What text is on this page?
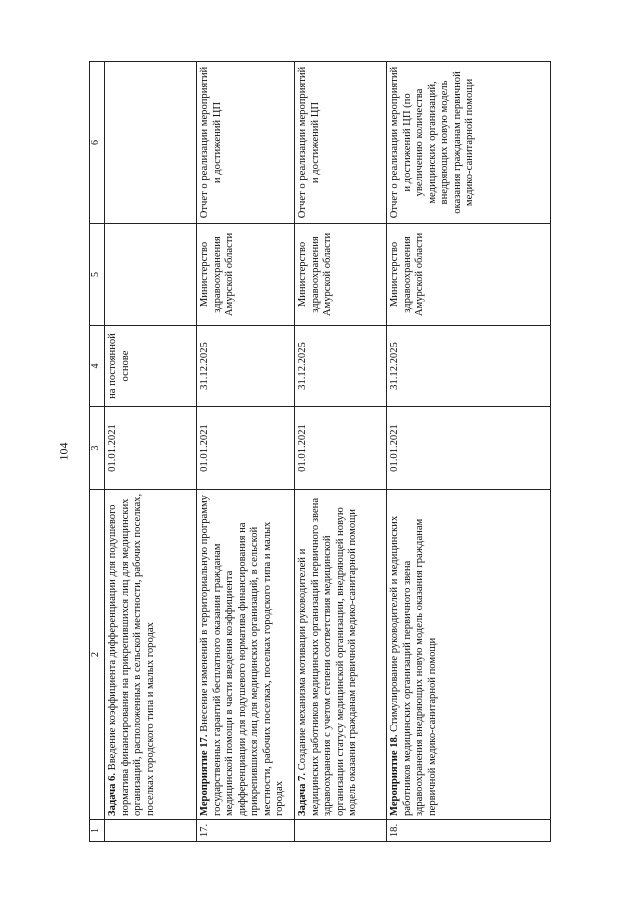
104
1	2	3	4	5	6
	Задача 6. Введение коэффициента дифференциации для подушевого норматива финансирования на прикрепившихся лиц для медицинских организаций, расположенных в сельской местности, рабочих поселках, поселках городского типа и малых городах	01.01.2021	на постоянной основе		
17.	Мероприятие 17. Внесение изменений в территориальную программу государственных гарантий бесплатного оказания гражданам медицинской помощи в части введения коэффициента дифференциации для подушевого норматива финансирования на прикрепившихся лиц для медицинских организаций, в сельской местности, рабочих поселках, поселках городского типа и малых городах	01.01.2021	31.12.2025	Министерство здравоохранения Амурской области	Отчет о реализации мероприятий и достижений ЦП
	Задача 7. Создание механизма мотивации руководителей и медицинских работников медицинских организаций первичного звена здравоохранения с учетом степени соответствия медицинской организации статусу медицинской организации, внедряющей новую модель оказания гражданам первичной медико-санитарной помощи	01.01.2021	31.12.2025	Министерство здравоохранения Амурской области	Отчет о реализации мероприятий и достижений ЦП
18.	Мероприятие 18. Стимулирование руководителей и медицинских работников медицинских организаций первичного звена здравоохранения внедряющих новую модель оказания гражданам первичной медико-санитарной помощи	01.01.2021	31.12.2025	Министерство здравоохранения Амурской области	Отчет о реализации мероприятий и достижений ЦП (по увеличению количества медицинских организаций, внедряющих новую модель оказания гражданам первичной медико-санитарной помощи
